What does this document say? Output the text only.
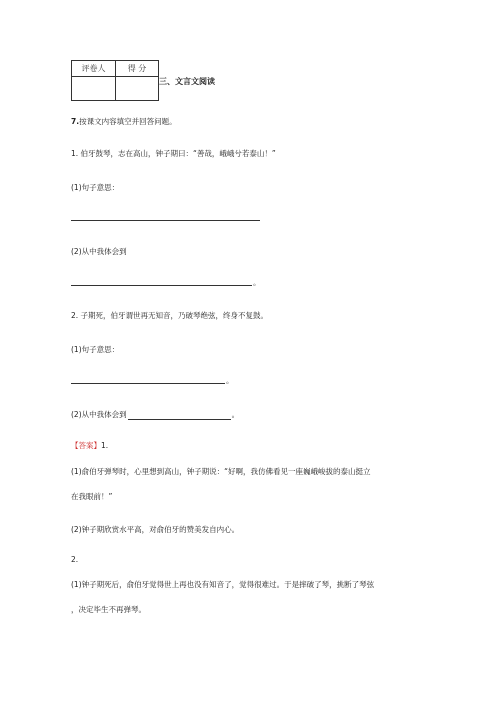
评卷人	得 分

三、文言文阅读
7.按课文内容填空并回答问题。
1. 伯牙鼓琴，志在高山，钟子期曰：“善哉，峨峨兮若泰山！”
(1)句子意思：
(2)从中我体会到
。
2. 子期死，伯牙谓世再无知音，乃破琴绝弦，终身不复鼓。
(1)句子意思：
。
(2)从中我体会到	。
【答案】1.
(1)俞伯牙弹琴时，心里想到高山，钟子期说：“好啊，我仿佛看见一座巍峨峻拔的泰山挺立
在我眼前！”
(2)钟子期欣赏水平高，对俞伯牙的赞美发自内心。
2.
(1)钟子期死后，俞伯牙觉得世上再也没有知音了，觉得很难过。于是摔破了琴，挑断了琴弦
，决定毕生不再弹琴。
